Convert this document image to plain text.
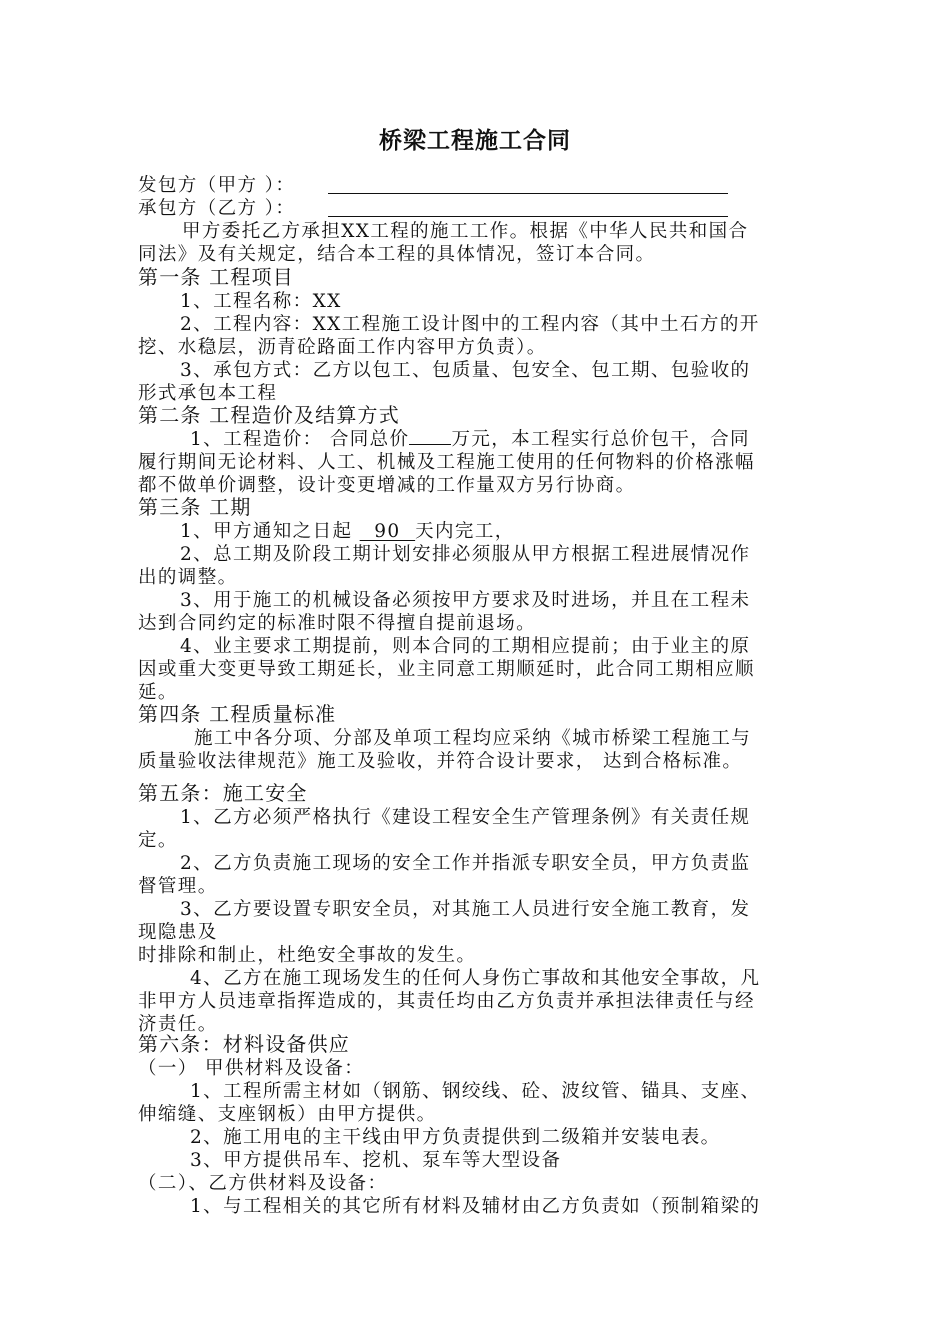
桥梁工程施工合同
发包方（甲方 ）：
承包方（乙方 ）：
甲方委托乙方承担XX工程的施工工作。根据《中华人民共和国合
同法》及有关规定，结合本工程的具体情况，签订本合同。
第一条 工程项目
1、工程名称：XX
2、工程内容：XX工程施工设计图中的工程内容（其中土石方的开
挖、水稳层，沥青砼路面工作内容甲方负责）。
3、承包方式：乙方以包工、包质量、包安全、包工期、包验收的
形式承包本工程
第二条 工程造价及结算方式
1、工程造价： 合同总价 万元，本工程实行总价包干，合同
履行期间无论材料、人工、机械及工程施工使用的任何物料的价格涨幅
都不做单价调整，设计变更增减的工作量双方另行协商。
第三条 工期
1、甲方通知之日起   90  天内完工，
2、总工期及阶段工期计划安排必须服从甲方根据工程进展情况作
出的调整。
3、用于施工的机械设备必须按甲方要求及时进场，并且在工程未
达到合同约定的标准时限不得擅自提前退场。
4、业主要求工期提前，则本合同的工期相应提前；由于业主的原
因或重大变更导致工期延长，业主同意工期顺延时，此合同工期相应顺
延。
第四条 工程质量标准
施工中各分项、分部及单项工程均应采纳《城市桥梁工程施工与
质量验收法律规范》施工及验收，并符合设计要求， 达到合格标准。
第五条：施工安全
1、乙方必须严格执行《建设工程安全生产管理条例》有关责任规
定。
2、乙方负责施工现场的安全工作并指派专职安全员，甲方负责监
督管理。
3、乙方要设置专职安全员，对其施工人员进行安全施工教育，发
现隐患及
时排除和制止，杜绝安全事故的发生。
4、乙方在施工现场发生的任何人身伤亡事故和其他安全事故，凡
非甲方人员违章指挥造成的，其责任均由乙方负责并承担法律责任与经
济责任。
第六条：材料设备供应
（一） 甲供材料及设备：
1、工程所需主材如（钢筋、钢绞线、砼、波纹管、锚具、支座、
伸缩缝、支座钢板）由甲方提供。
2、施工用电的主干线由甲方负责提供到二级箱并安装电表。
3、甲方提供吊车、挖机、泵车等大型设备
（二）、乙方供材料及设备：
1、与工程相关的其它所有材料及辅材由乙方负责如（预制箱梁的
